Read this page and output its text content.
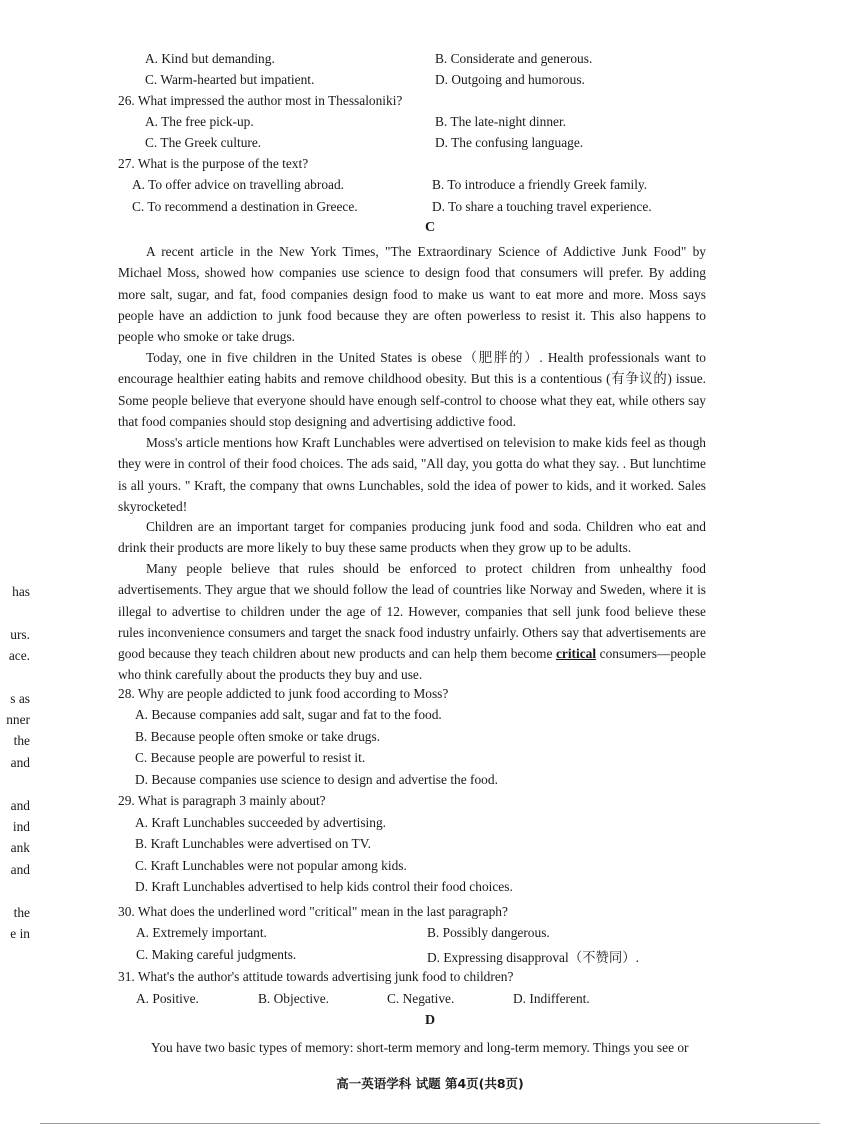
has
urs.
ace.
s as
nner
the
and
and
ind
ank
and
the
e in
A. Kind but demanding.	B. Considerate and generous.
C. Warm-hearted but impatient.	D. Outgoing and humorous.
26. What impressed the author most in Thessaloniki?
A. The free pick-up.	B. The late-night dinner.
C. The Greek culture.	D. The confusing language.
27. What is the purpose of the text?
A. To offer advice on travelling abroad.	B. To introduce a friendly Greek family.
C. To recommend a destination in Greece.	D. To share a touching travel experience.
C

A recent article in the New York Times, "The Extraordinary Science of Addictive Junk Food" by Michael Moss, showed how companies use science to design food that consumers will prefer. By adding more salt, sugar, and fat, food companies design food to make us want to eat more and more. Moss says people have an addiction to junk food because they are often powerless to resist it. This also happens to people who smoke or take drugs.

Today, one in five children in the United States is obese（肥胖的）. Health professionals want to encourage healthier eating habits and remove childhood obesity. But this is a contentious (有争议的) issue. Some people believe that everyone should have enough self-control to choose what they eat, while others say that food companies should stop designing and advertising addictive food.

Moss's article mentions how Kraft Lunchables were advertised on television to make kids feel as though they were in control of their food choices. The ads said, "All day, you gotta do what they say. . But lunchtime is all yours. " Kraft, the company that owns Lunchables, sold the idea of power to kids, and it worked. Sales skyrocketed!

Children are an important target for companies producing junk food and soda. Children who eat and drink their products are more likely to buy these same products when they grow up to be adults.

Many people believe that rules should be enforced to protect children from unhealthy food advertisements. They argue that we should follow the lead of countries like Norway and Sweden, where it is illegal to advertise to children under the age of 12. However, companies that sell junk food believe these rules inconvenience consumers and target the snack food industry unfairly. Others say that advertisements are good because they teach children about new products and can help them become critical consumers—people who think carefully about the products they buy and use.

28. Why are people addicted to junk food according to Moss?
A. Because companies add salt, sugar and fat to the food.
B. Because people often smoke or take drugs.
C. Because people are powerful to resist it.
D. Because companies use science to design and advertise the food.
29. What is paragraph 3 mainly about?
A. Kraft Lunchables succeeded by advertising.
B. Kraft Lunchables were advertised on TV.
C. Kraft Lunchables were not popular among kids.
D. Kraft Lunchables advertised to help kids control their food choices.
30. What does the underlined word "critical" mean in the last paragraph?
A. Extremely important.	B. Possibly dangerous.
C. Making careful judgments.	D. Expressing disapproval（不赞同）.
31. What's the author's attitude towards advertising junk food to children?
A. Positive.	B. Objective.	C. Negative.	D. Indifferent.
D

You have two basic types of memory: short-term memory and long-term memory. Things you see or

高一英语学科 试题 第4页(共8页)
